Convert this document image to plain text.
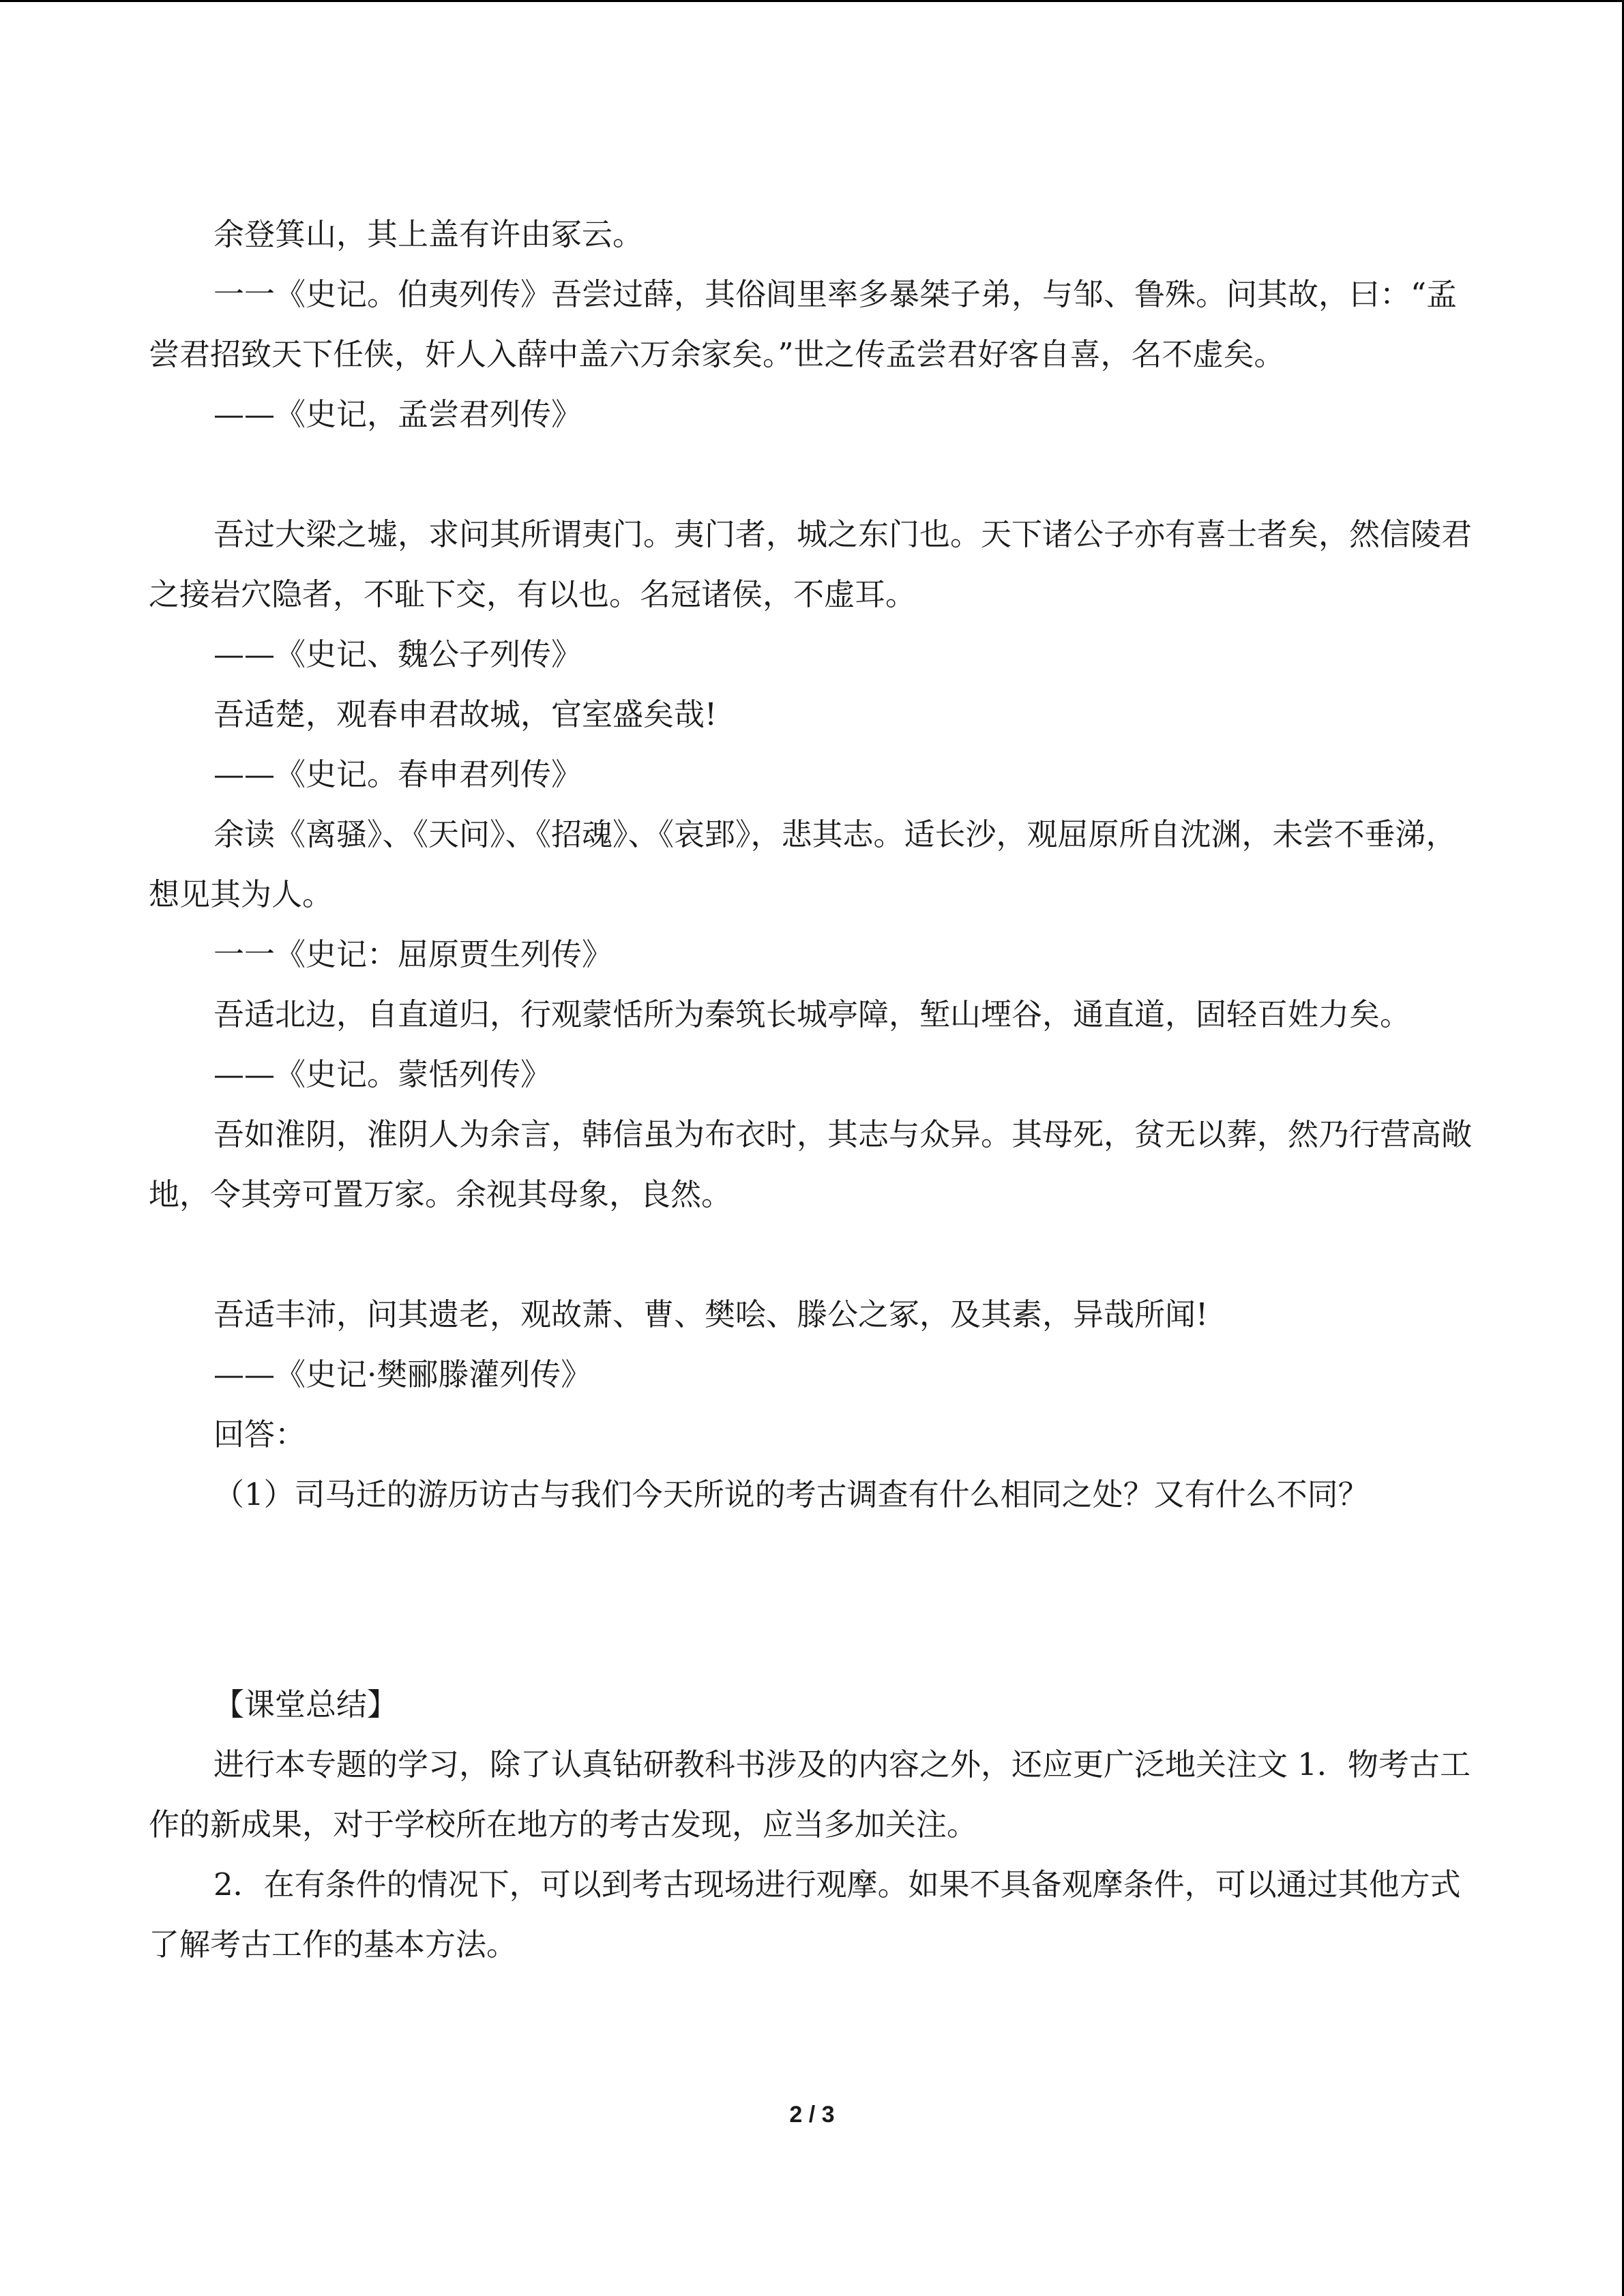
余登箕山，其上盖有许由冢云。

一一《史记。伯夷列传》吾尝过薛，其俗闾里率多暴桀子弟，与邹、鲁殊。问其故，曰：“孟尝君招致天下任侠，奸人入薛中盖六万余家矣。”世之传孟尝君好客自喜，名不虚矣。

——《史记，孟尝君列传》

吾过大梁之墟，求问其所谓夷门。夷门者，城之东门也。天下诸公子亦有喜士者矣，然信陵君之接岩穴隐者，不耻下交，有以也。名冠诸侯，不虚耳。

——《史记、魏公子列传》

吾适楚，观春申君故城，官室盛矣哉!

——《史记。春申君列传》

余读《离骚》、《天问》、《招魂》、《哀郢》，悲其志。适长沙，观屈原所自沈渊，未尝不垂涕，想见其为人。

一一《史记：屈原贾生列传》

吾适北边，自直道归，行观蒙恬所为秦筑长城亭障，堑山堙谷，通直道，固轻百姓力矣。

——《史记。蒙恬列传》

吾如淮阴，淮阴人为余言，韩信虽为布衣时，其志与众异。其母死，贫无以葬，然乃行营高敞地，令其旁可置万家。余视其母象，良然。

吾适丰沛，问其遗老，观故萧、曹、樊哙、滕公之冢，及其素，异哉所闻!

——《史记·樊郦滕灌列传》

回答：

（1）司马迁的游历访古与我们今天所说的考古调查有什么相同之处？又有什么不同？

【课堂总结】

进行本专题的学习，除了认真钻研教科书涉及的内容之外，还应更广泛地关注文 1．物考古工作的新成果，对于学校所在地方的考古发现，应当多加关注。

2．在有条件的情况下，可以到考古现场进行观摩。如果不具备观摩条件，可以通过其他方式了解考古工作的基本方法。

2 / 3
